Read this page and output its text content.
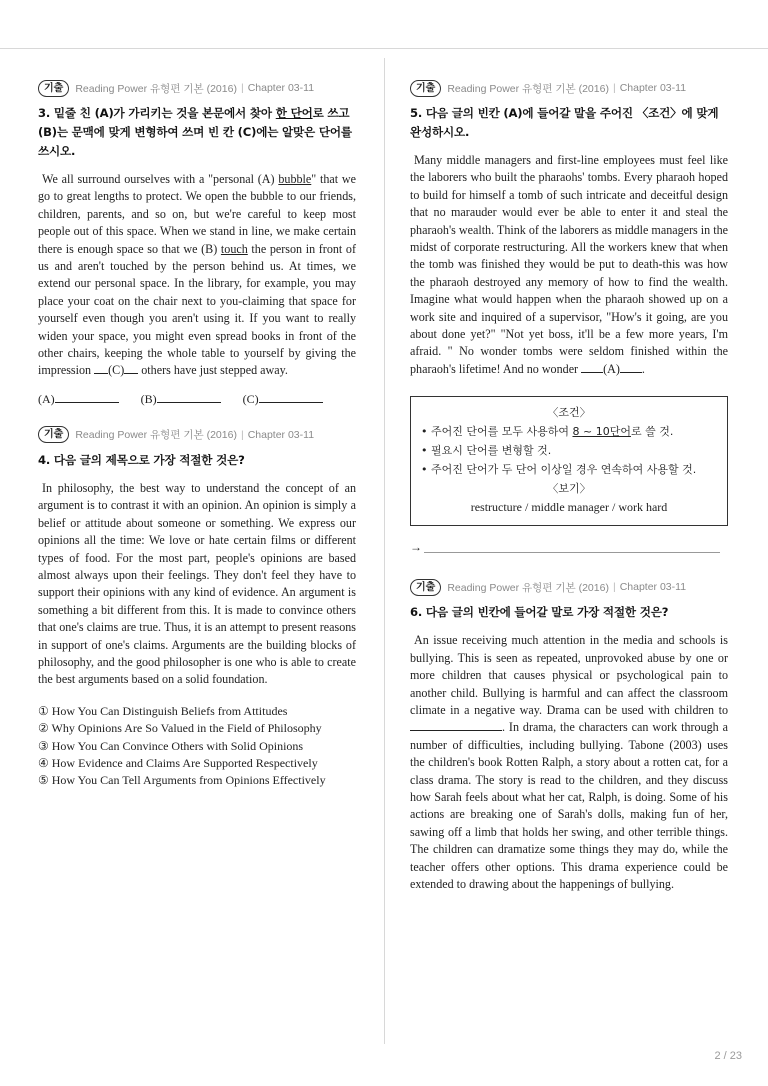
기출	Reading Power 유형편 기본 (2016) | Chapter 03-11
3. 밑줄 친 (A)가 가리키는 것을 본문에서 찾아 한 단어로 쓰고 (B)는 문맥에 맞게 변형하여 쓰며 빈 칸 (C)에는 알맞은 단어를 쓰시오.

We all surround ourselves with a "personal (A) bubble" that we go to great lengths to protect. We open the bubble to our friends, children, parents, and so on, but we're careful to keep most people out of this space. When we stand in line, we make certain there is enough space so that we (B) touch the person in front of us and aren't touched by the person behind us. At times, we extend our personal space. In the library, for example, you may place your coat on the chair next to you-claiming that space for yourself even though you aren't using it. If you want to really widen your space, you might even spread books in front of the other chairs, keeping the whole table to yourself by giving the impression (C) others have just stepped away.

(A)	(B)	(C)
기출	Reading Power 유형편 기본 (2016) | Chapter 03-11
4. 다음 글의 제목으로 가장 적절한 것은?

In philosophy, the best way to understand the concept of an argument is to contrast it with an opinion. An opinion is simply a belief or attitude about someone or something. We express our opinions all the time: We love or hate certain films or different types of food. For the most part, people's opinions are based almost always upon their feelings. They don't feel they have to support their opinions with any kind of evidence. An argument is something a bit different from this. It is made to convince others that one's claims are true. Thus, it is an attempt to present reasons in support of one's claims. Arguments are the building blocks of philosophy, and the good philosopher is one who is able to create the best arguments based on a solid foundation.

① How You Can Distinguish Beliefs from Attitudes
② Why Opinions Are So Valued in the Field of Philosophy
③ How You Can Convince Others with Solid Opinions
④ How Evidence and Claims Are Supported Respectively
⑤ How You Can Tell Arguments from Opinions Effectively
기출	Reading Power 유형편 기본 (2016) | Chapter 03-11
5. 다음 글의 빈칸 (A)에 들어갈 말을 주어진 〈조건〉에 맞게 완성하시오.

Many middle managers and first-line employees must feel like the laborers who built the pharaohs' tombs. Every pharaoh hoped to build for himself a tomb of such intricate and deceitful design that no marauder would ever be able to enter it and steal the pharaoh's wealth. Think of the laborers as middle managers in the midst of corporate restructuring. All the workers knew that when the tomb was finished they would be put to death-this was how the pharaoh destroyed any memory of how to find the wealth. Imagine what would happen when the pharaoh showed up on a work site and inquired of a supervisor, "How's it going, are you about done yet?" "Not yet boss, it'll be a few more years, I'm afraid. " No wonder tombs were seldom finished within the pharaoh's lifetime! And no wonder (A) .

〈조건〉
• 주어진 단어를 모두 사용하여 8 ~ 10단어로 쓸 것.
• 필요시 단어를 변형할 것.
• 주어진 단어가 두 단어 이상일 경우 연속하여 사용할 것.
〈보기〉
restructure / middle manager / work hard
→
기출	Reading Power 유형편 기본 (2016) | Chapter 03-11
6. 다음 글의 빈칸에 들어갈 말로 가장 적절한 것은?

An issue receiving much attention in the media and schools is bullying. This is seen as repeated, unprovoked abuse by one or more children that causes physical or psychological pain to another child. Bullying is harmful and can affect the classroom climate in a negative way. Drama can be used with children to . In drama, the characters can work through a number of difficulties, including bullying. Tabone (2003) uses the children's book Rotten Ralph, a story about a rotten cat, for a class drama. The story is read to the children, and they discuss how Sarah feels about what her cat, Ralph, is doing. Some of his actions are breaking one of Sarah's dolls, making fun of her, sawing off a limb that holds her swing, and other terrible things. The children can dramatize some things they may do, while the teacher offers other options. This drama experience could be extended to drawing about the happenings of bullying.

2 / 23
